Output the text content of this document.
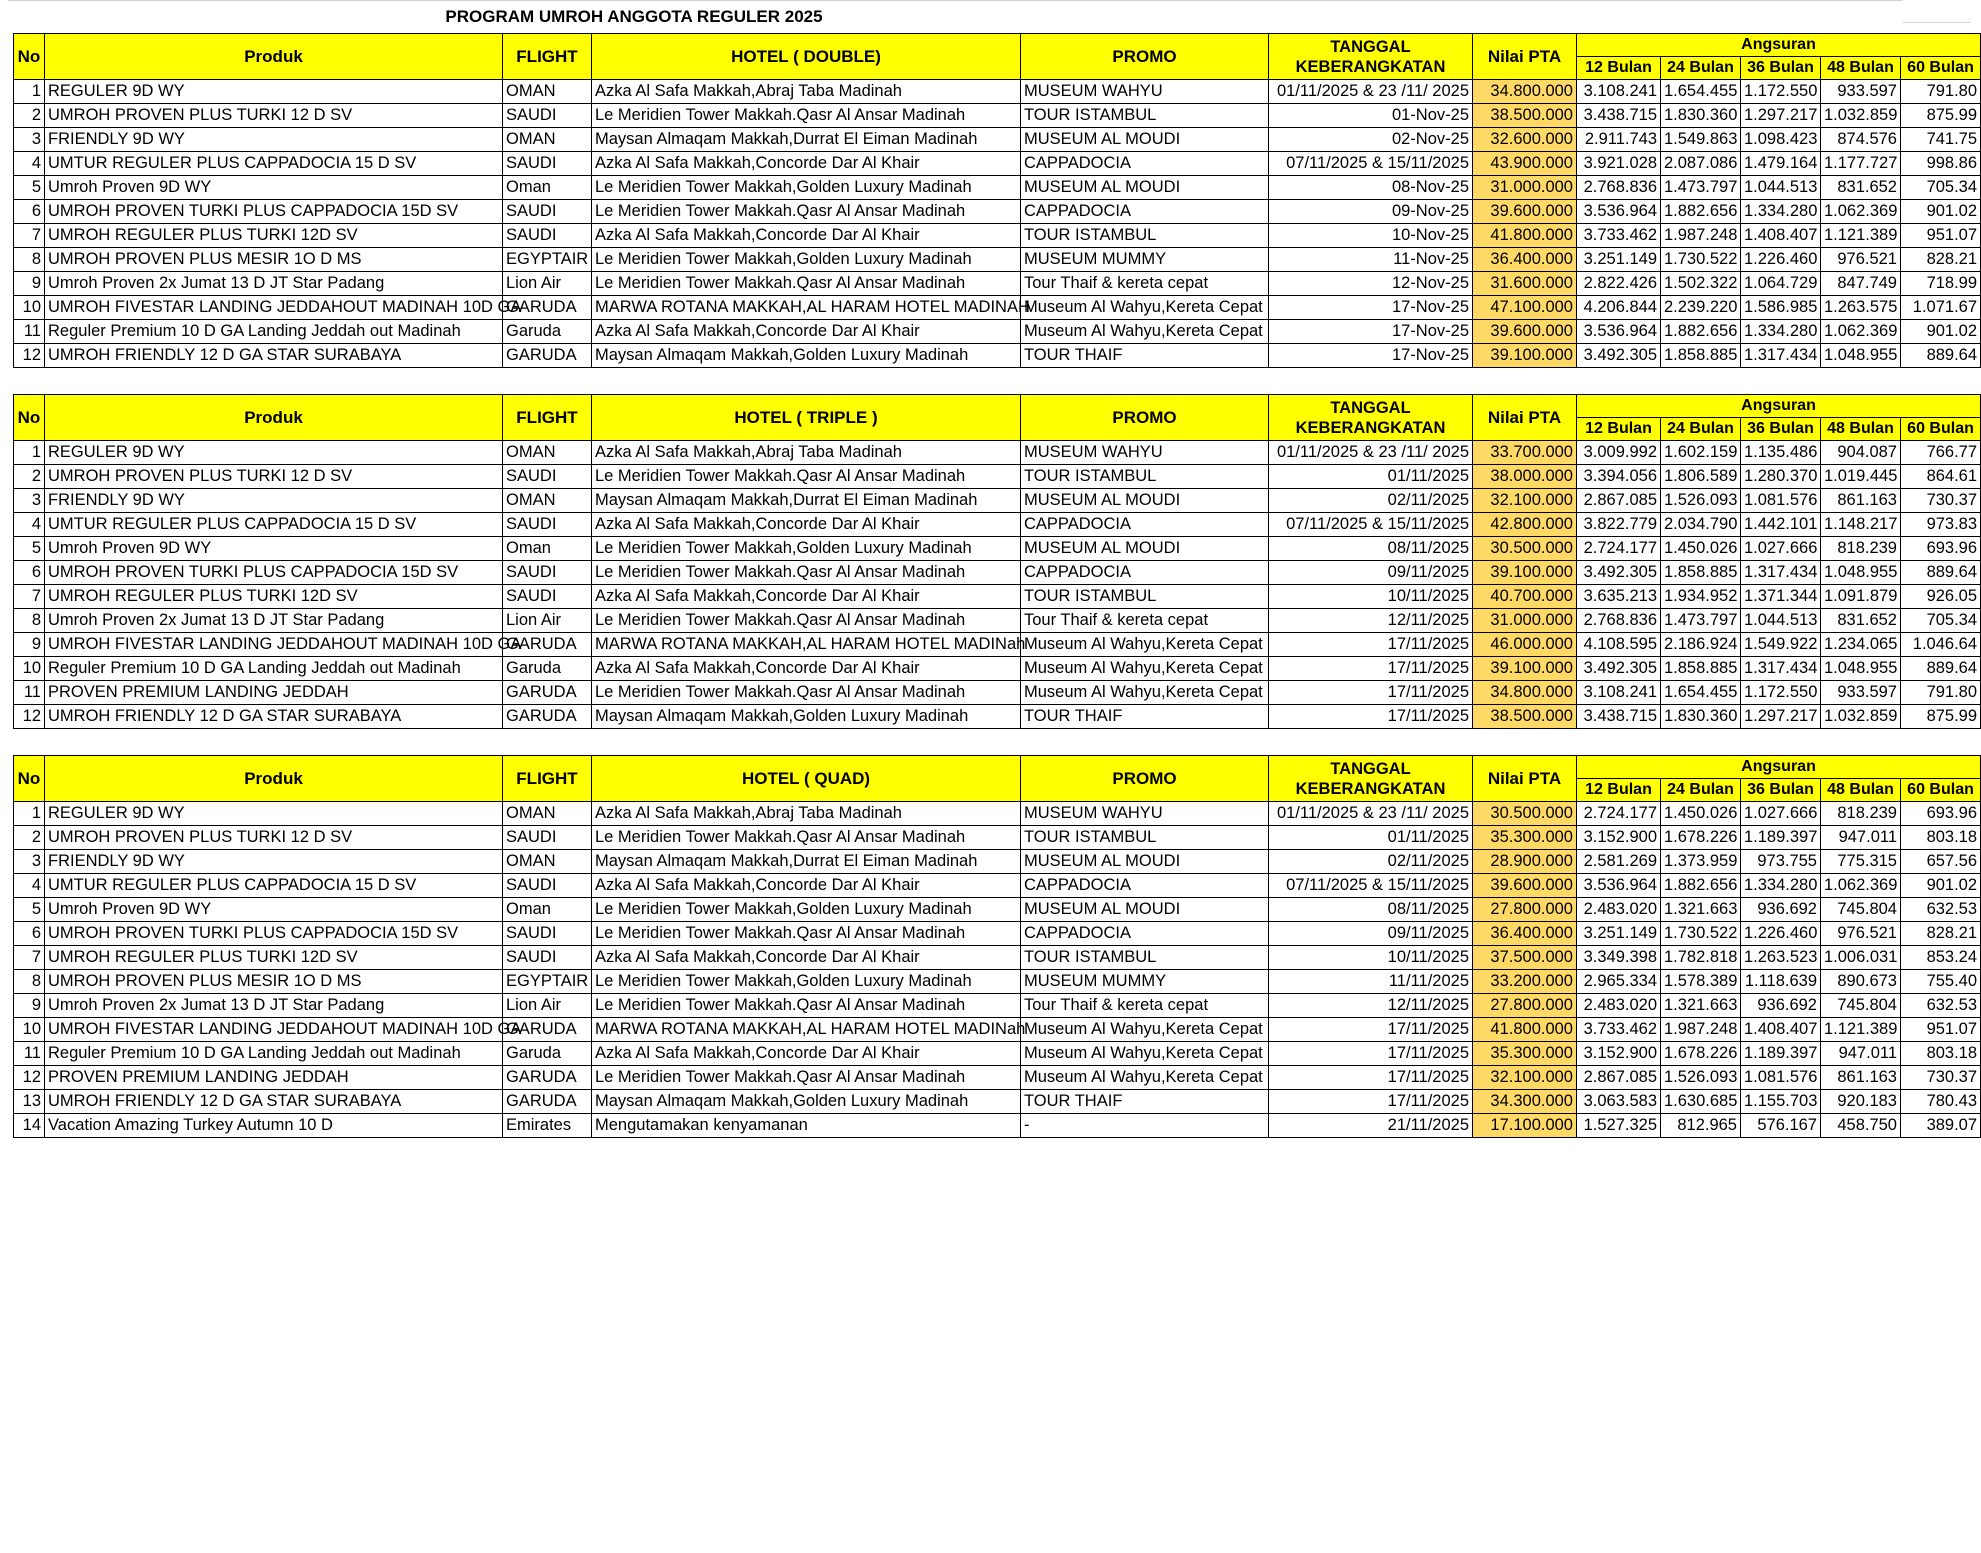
PROGRAM UMROH ANGGOTA REGULER 2025
No	Produk	FLIGHT	HOTEL ( DOUBLE)	PROMO	TANGGAL
KEBERANGKATAN	Nilai PTA	Angsuran				
							12 Bulan	24 Bulan	36 Bulan	48 Bulan	60 Bulan
1	REGULER 9D WY	OMAN	Azka Al Safa Makkah,Abraj Taba Madinah	MUSEUM WAHYU	01/11/2025 & 23 /11/ 2025	34.800.000	3.108.241	1.654.455	1.172.550	933.597	791.80
2	UMROH PROVEN PLUS TURKI 12 D SV	SAUDI	Le Meridien Tower Makkah.Qasr Al Ansar Madinah	TOUR ISTAMBUL	01-Nov-25	38.500.000	3.438.715	1.830.360	1.297.217	1.032.859	875.99
3	FRIENDLY 9D WY	OMAN	Maysan Almaqam Makkah,Durrat El Eiman Madinah	MUSEUM AL MOUDI	02-Nov-25	32.600.000	2.911.743	1.549.863	1.098.423	874.576	741.75
4	UMTUR REGULER PLUS CAPPADOCIA 15 D SV	SAUDI	Azka Al Safa Makkah,Concorde Dar Al Khair	CAPPADOCIA	07/11/2025 & 15/11/2025	43.900.000	3.921.028	2.087.086	1.479.164	1.177.727	998.86
5	Umroh Proven 9D WY	Oman	Le Meridien Tower Makkah,Golden Luxury Madinah	MUSEUM AL MOUDI	08-Nov-25	31.000.000	2.768.836	1.473.797	1.044.513	831.652	705.34
6	UMROH PROVEN TURKI PLUS CAPPADOCIA 15D SV	SAUDI	Le Meridien Tower Makkah.Qasr Al Ansar Madinah	CAPPADOCIA	09-Nov-25	39.600.000	3.536.964	1.882.656	1.334.280	1.062.369	901.02
7	UMROH REGULER PLUS TURKI 12D SV	SAUDI	Azka Al Safa Makkah,Concorde Dar Al Khair	TOUR ISTAMBUL	10-Nov-25	41.800.000	3.733.462	1.987.248	1.408.407	1.121.389	951.07
8	UMROH PROVEN PLUS MESIR 1O D MS	EGYPTAIR	Le Meridien Tower Makkah,Golden Luxury Madinah	MUSEUM MUMMY	11-Nov-25	36.400.000	3.251.149	1.730.522	1.226.460	976.521	828.21
9	Umroh Proven 2x Jumat 13 D JT Star Padang	Lion Air	Le Meridien Tower Makkah.Qasr Al Ansar Madinah	Tour Thaif & kereta cepat	12-Nov-25	31.600.000	2.822.426	1.502.322	1.064.729	847.749	718.99
10	UMROH FIVESTAR LANDING JEDDAHOUT MADINAH 10D GA	GARUDA	MARWA ROTANA MAKKAH,AL HARAM HOTEL MADINAH	Museum Al Wahyu,Kereta Cepat	17-Nov-25	47.100.000	4.206.844	2.239.220	1.586.985	1.263.575	1.071.67
11	Reguler Premium 10 D GA Landing Jeddah out Madinah	Garuda	Azka Al Safa Makkah,Concorde Dar Al Khair	Museum Al Wahyu,Kereta Cepat	17-Nov-25	39.600.000	3.536.964	1.882.656	1.334.280	1.062.369	901.02
12	UMROH FRIENDLY 12 D GA STAR SURABAYA	GARUDA	Maysan Almaqam Makkah,Golden Luxury Madinah	TOUR THAIF	17-Nov-25	39.100.000	3.492.305	1.858.885	1.317.434	1.048.955	889.64
No	Produk	FLIGHT	HOTEL ( TRIPLE )	PROMO	TANGGAL
KEBERANGKATAN	Nilai PTA	Angsuran				
							12 Bulan	24 Bulan	36 Bulan	48 Bulan	60 Bulan
1	REGULER 9D WY	OMAN	Azka Al Safa Makkah,Abraj Taba Madinah	MUSEUM WAHYU	01/11/2025 & 23 /11/ 2025	33.700.000	3.009.992	1.602.159	1.135.486	904.087	766.77
2	UMROH PROVEN PLUS TURKI 12 D SV	SAUDI	Le Meridien Tower Makkah.Qasr Al Ansar Madinah	TOUR ISTAMBUL	01/11/2025	38.000.000	3.394.056	1.806.589	1.280.370	1.019.445	864.61
3	FRIENDLY 9D WY	OMAN	Maysan Almaqam Makkah,Durrat El Eiman Madinah	MUSEUM AL MOUDI	02/11/2025	32.100.000	2.867.085	1.526.093	1.081.576	861.163	730.37
4	UMTUR REGULER PLUS CAPPADOCIA 15 D SV	SAUDI	Azka Al Safa Makkah,Concorde Dar Al Khair	CAPPADOCIA	07/11/2025 & 15/11/2025	42.800.000	3.822.779	2.034.790	1.442.101	1.148.217	973.83
5	Umroh Proven 9D WY	Oman	Le Meridien Tower Makkah,Golden Luxury Madinah	MUSEUM AL MOUDI	08/11/2025	30.500.000	2.724.177	1.450.026	1.027.666	818.239	693.96
6	UMROH PROVEN TURKI PLUS CAPPADOCIA 15D SV	SAUDI	Le Meridien Tower Makkah.Qasr Al Ansar Madinah	CAPPADOCIA	09/11/2025	39.100.000	3.492.305	1.858.885	1.317.434	1.048.955	889.64
7	UMROH REGULER PLUS TURKI 12D SV	SAUDI	Azka Al Safa Makkah,Concorde Dar Al Khair	TOUR ISTAMBUL	10/11/2025	40.700.000	3.635.213	1.934.952	1.371.344	1.091.879	926.05
8	Umroh Proven 2x Jumat 13 D JT Star Padang	Lion Air	Le Meridien Tower Makkah.Qasr Al Ansar Madinah	Tour Thaif & kereta cepat	12/11/2025	31.000.000	2.768.836	1.473.797	1.044.513	831.652	705.34
9	UMROH FIVESTAR LANDING JEDDAHOUT MADINAH 10D GA	GARUDA	MARWA ROTANA MAKKAH,AL HARAM HOTEL MADINah	Museum Al Wahyu,Kereta Cepat	17/11/2025	46.000.000	4.108.595	2.186.924	1.549.922	1.234.065	1.046.64
10	Reguler Premium 10 D GA Landing Jeddah out Madinah	Garuda	Azka Al Safa Makkah,Concorde Dar Al Khair	Museum Al Wahyu,Kereta Cepat	17/11/2025	39.100.000	3.492.305	1.858.885	1.317.434	1.048.955	889.64
11	PROVEN PREMIUM LANDING JEDDAH	GARUDA	Le Meridien Tower Makkah.Qasr Al Ansar Madinah	Museum Al Wahyu,Kereta Cepat	17/11/2025	34.800.000	3.108.241	1.654.455	1.172.550	933.597	791.80
12	UMROH FRIENDLY 12 D GA STAR SURABAYA	GARUDA	Maysan Almaqam Makkah,Golden Luxury Madinah	TOUR THAIF	17/11/2025	38.500.000	3.438.715	1.830.360	1.297.217	1.032.859	875.99
No	Produk	FLIGHT	HOTEL ( QUAD)	PROMO	TANGGAL
KEBERANGKATAN	Nilai PTA	Angsuran				
							12 Bulan	24 Bulan	36 Bulan	48 Bulan	60 Bulan
1	REGULER 9D WY	OMAN	Azka Al Safa Makkah,Abraj Taba Madinah	MUSEUM WAHYU	01/11/2025 & 23 /11/ 2025	30.500.000	2.724.177	1.450.026	1.027.666	818.239	693.96
2	UMROH PROVEN PLUS TURKI 12 D SV	SAUDI	Le Meridien Tower Makkah.Qasr Al Ansar Madinah	TOUR ISTAMBUL	01/11/2025	35.300.000	3.152.900	1.678.226	1.189.397	947.011	803.18
3	FRIENDLY 9D WY	OMAN	Maysan Almaqam Makkah,Durrat El Eiman Madinah	MUSEUM AL MOUDI	02/11/2025	28.900.000	2.581.269	1.373.959	973.755	775.315	657.56
4	UMTUR REGULER PLUS CAPPADOCIA 15 D SV	SAUDI	Azka Al Safa Makkah,Concorde Dar Al Khair	CAPPADOCIA	07/11/2025 & 15/11/2025	39.600.000	3.536.964	1.882.656	1.334.280	1.062.369	901.02
5	Umroh Proven 9D WY	Oman	Le Meridien Tower Makkah,Golden Luxury Madinah	MUSEUM AL MOUDI	08/11/2025	27.800.000	2.483.020	1.321.663	936.692	745.804	632.53
6	UMROH PROVEN TURKI PLUS CAPPADOCIA 15D SV	SAUDI	Le Meridien Tower Makkah.Qasr Al Ansar Madinah	CAPPADOCIA	09/11/2025	36.400.000	3.251.149	1.730.522	1.226.460	976.521	828.21
7	UMROH REGULER PLUS TURKI 12D SV	SAUDI	Azka Al Safa Makkah,Concorde Dar Al Khair	TOUR ISTAMBUL	10/11/2025	37.500.000	3.349.398	1.782.818	1.263.523	1.006.031	853.24
8	UMROH PROVEN PLUS MESIR 1O D MS	EGYPTAIR	Le Meridien Tower Makkah,Golden Luxury Madinah	MUSEUM MUMMY	11/11/2025	33.200.000	2.965.334	1.578.389	1.118.639	890.673	755.40
9	Umroh Proven 2x Jumat 13 D JT Star Padang	Lion Air	Le Meridien Tower Makkah.Qasr Al Ansar Madinah	Tour Thaif & kereta cepat	12/11/2025	27.800.000	2.483.020	1.321.663	936.692	745.804	632.53
10	UMROH FIVESTAR LANDING JEDDAHOUT MADINAH 10D GA	GARUDA	MARWA ROTANA MAKKAH,AL HARAM HOTEL MADINah	Museum Al Wahyu,Kereta Cepat	17/11/2025	41.800.000	3.733.462	1.987.248	1.408.407	1.121.389	951.07
11	Reguler Premium 10 D GA Landing Jeddah out Madinah	Garuda	Azka Al Safa Makkah,Concorde Dar Al Khair	Museum Al Wahyu,Kereta Cepat	17/11/2025	35.300.000	3.152.900	1.678.226	1.189.397	947.011	803.18
12	PROVEN PREMIUM LANDING JEDDAH	GARUDA	Le Meridien Tower Makkah.Qasr Al Ansar Madinah	Museum Al Wahyu,Kereta Cepat	17/11/2025	32.100.000	2.867.085	1.526.093	1.081.576	861.163	730.37
13	UMROH FRIENDLY 12 D GA STAR SURABAYA	GARUDA	Maysan Almaqam Makkah,Golden Luxury Madinah	TOUR THAIF	17/11/2025	34.300.000	3.063.583	1.630.685	1.155.703	920.183	780.43
14	Vacation Amazing Turkey Autumn 10 D	Emirates	Mengutamakan kenyamanan	-	21/11/2025	17.100.000	1.527.325	812.965	576.167	458.750	389.07
